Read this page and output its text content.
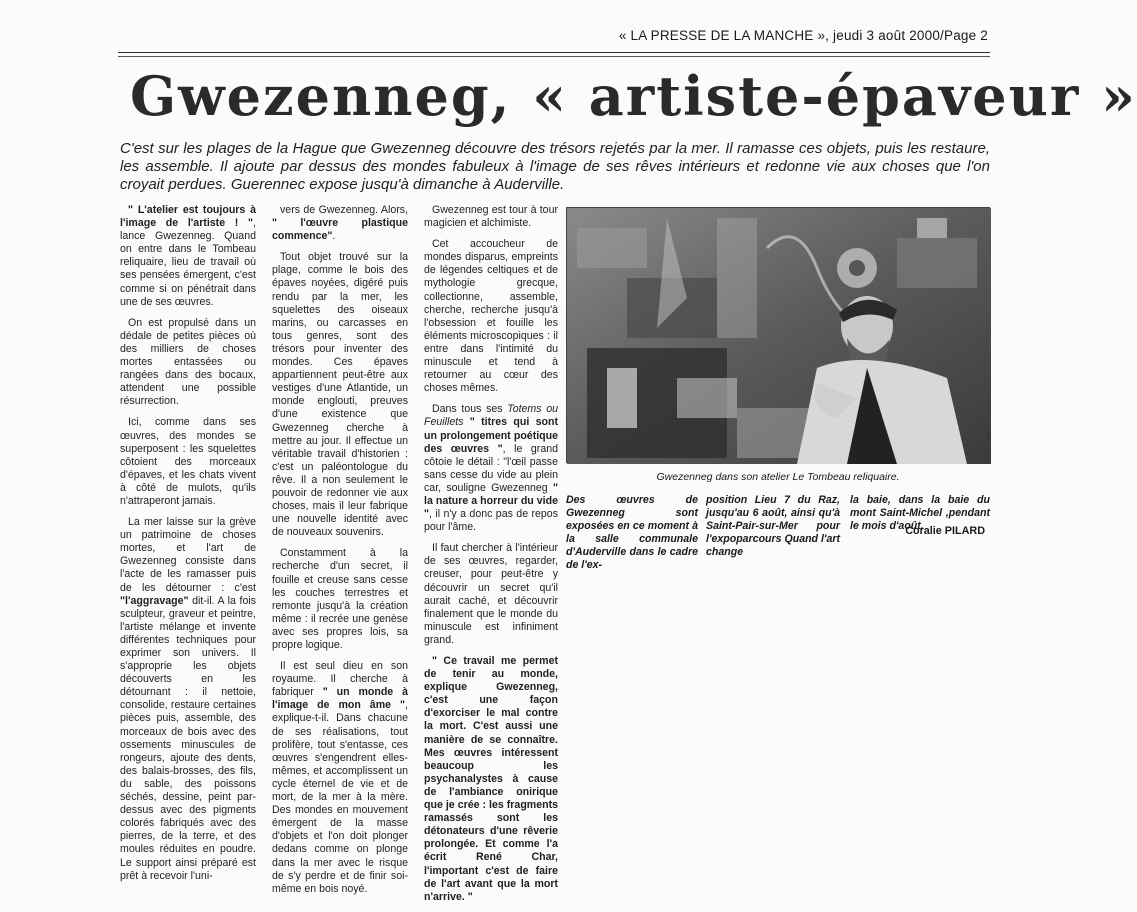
« LA PRESSE DE LA MANCHE », jeudi 3 août 2000/Page 2
Gwezenneg, « artiste-épaveur »
C'est sur les plages de la Hague que Gwezenneg découvre des trésors rejetés par la mer. Il ramasse ces objets, puis les restaure, les assemble. Il ajoute par dessus des mondes fabuleux à l'image de ses rêves intérieurs et redonne vie aux choses que l'on croyait perdues. Guerennec expose jusqu'à dimanche à Auderville.

" L'atelier est toujours à l'image de l'artiste ! ", lance Gwezenneg. Quand on entre dans le Tombeau reliquaire, lieu de travail où ses pensées émergent, c'est comme si on pénétrait dans une de ses œuvres.

On est propulsé dans un dédale de petites pièces où des milliers de choses mortes entassées ou rangées dans des bocaux, attendent une possible résurrection.

Ici, comme dans ses œuvres, des mondes se superposent : les squelettes côtoient des morceaux d'épaves, et les chats vivent à côté de mulots, qu'ils n'attraperont jamais.

La mer laisse sur la grève un patrimoine de choses mortes, et l'art de Gwezenneg consiste dans l'acte de les ramasser puis de les détourner : c'est "l'aggravage" dit-il. A la fois sculpteur, graveur et peintre, l'artiste mélange et invente différentes techniques pour exprimer son univers. Il s'approprie les objets découverts en les détournant : il nettoie, consolide, restaure certaines pièces puis, assemble, des morceaux de bois avec des ossements minuscules de rongeurs, ajoute des dents, des balais-brosses, des fils, du sable, des poissons séchés, dessine, peint par-dessus avec des pigments colorés fabriqués avec des pierres, de la terre, et des moules réduites en poudre. Le support ainsi préparé est prêt à recevoir l'uni-

vers de Gwezenneg. Alors, " l'œuvre plastique commence".

Tout objet trouvé sur la plage, comme le bois des épaves noyées, digéré puis rendu par la mer, les squelettes des oiseaux marins, ou carcasses en tous genres, sont des trésors pour inventer des mondes. Ces épaves appartiennent peut-être aux vestiges d'une Atlantide, un monde englouti, preuves d'une existence que Gwezenneg cherche à mettre au jour. Il effectue un véritable travail d'historien : c'est un paléontologue du rêve. Il a non seulement le pouvoir de redonner vie aux choses, mais il leur fabrique une nouvelle identité avec de nouveaux souvenirs.

Constamment à la recherche d'un secret, il fouille et creuse sans cesse les couches terrestres et remonte jusqu'à la création même : il recrée une genèse avec ses propres lois, sa propre logique.

Il est seul dieu en son royaume. Il cherche à fabriquer " un monde à l'image de mon âme ", explique-t-il. Dans chacune de ses réalisations, tout prolifère, tout s'entasse, ces œuvres s'engendrent elles-mêmes, et accomplissent un cycle éternel de vie et de mort, de la mer à la mère. Des mondes en mouvement émergent de la masse d'objets et l'on doit plonger dedans comme on plonge dans la mer avec le risque de s'y perdre et de finir soi-même en bois noyé.

Gwezenneg est tour à tour magicien et alchimiste.

Cet accoucheur de mondes disparus, empreints de légendes celtiques et de mythologie grecque, collectionne, assemble, cherche, recherche jusqu'à l'obsession et fouille les éléments microscopiques : il entre dans l'intimité du minuscule et tend à retourner au cœur des choses mêmes.

Dans tous ses Totems ou Feuillets " titres qui sont un prolongement poétique des œuvres ", le grand côtoie le détail : "l'œil passe sans cesse du vide au plein car, souligne Gwezenneg " la nature a horreur du vide ", il n'y a donc pas de repos pour l'âme.

Il faut chercher à l'intérieur de ses œuvres, regarder, creuser, pour peut-être y découvrir un secret qu'il aurait caché, et découvrir finalement que le monde du minuscule est infiniment grand.

" Ce travail me permet de tenir au monde, explique Gwezenneg, c'est une façon d'exorciser le mal contre la mort. C'est aussi une manière de se connaître. Mes œuvres intéressent beaucoup les psychanalystes à cause de l'ambiance onirique que je crée : les fragments ramassés sont les détonateurs d'une rêverie prolongée. Et comme l'a écrit René Char, l'important c'est de faire de l'art avant que la mort n'arrive. "

Gwezenneg dans son atelier Le Tombeau reliquaire.
Des œuvres de Gwezenneg sont exposées en ce moment à la salle communale d'Auderville dans le cadre de l'ex-
position Lieu 7 du Raz, jusqu'au 6 août, ainsi qu'à Saint-Pair-sur-Mer pour l'expoparcours Quand l'art change
la baie, dans la baie du mont Saint-Michel ,pendant le mois d'août.
Coralie PILARD
›
